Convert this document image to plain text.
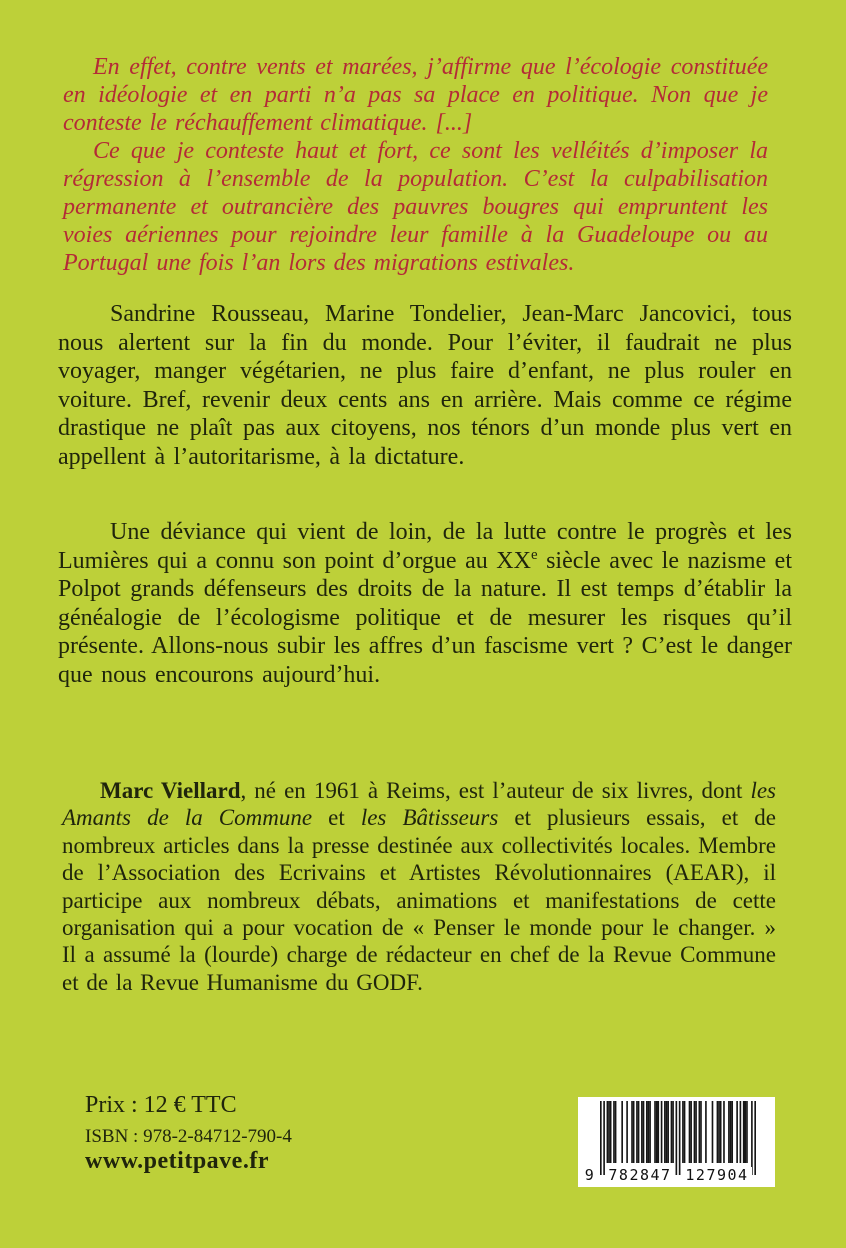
En effet, contre vents et marées, j’affirme que l’écologie constituée en idéologie et en parti n’a pas sa place en politique. Non que je conteste le réchauffement climatique. [...]

Ce que je conteste haut et fort, ce sont les velléités d’imposer la régression à l’ensemble de la population. C’est la culpabilisation permanente et outrancière des pauvres bougres qui empruntent les voies aériennes pour rejoindre leur famille à la Guadeloupe ou au Portugal une fois l’an lors des migrations estivales.

Sandrine Rousseau, Marine Tondelier, Jean-Marc Jancovici, tous nous alertent sur la fin du monde. Pour l’éviter, il faudrait ne plus voyager, manger végétarien, ne plus faire d’enfant, ne plus rouler en voiture. Bref, revenir deux cents ans en arrière. Mais comme ce régime drastique ne plaît pas aux citoyens, nos ténors d’un monde plus vert en appellent à l’autoritarisme, à la dictature.

Une déviance qui vient de loin, de la lutte contre le progrès et les Lumières qui a connu son point d’orgue au XXe siècle avec le nazisme et Polpot grands défenseurs des droits de la nature. Il est temps d’établir la généalogie de l’écologisme politique et de mesurer les risques qu’il présente. Allons-nous subir les affres d’un fascisme vert ? C’est le danger que nous encourons aujourd’hui.

Marc Viellard, né en 1961 à Reims, est l’auteur de six livres, dont les Amants de la Commune et les Bâtisseurs et plusieurs essais, et de nombreux articles dans la presse destinée aux collectivités locales. Membre de l’Association des Ecrivains et Artistes Révolutionnaires (AEAR), il participe aux nombreux débats, animations et manifestations de cette organisation qui a pour vocation de « Penser le monde pour le changer. » Il a assumé la (lourde) charge de rédacteur en chef de la Revue Commune et de la Revue Humanisme du GODF.

Prix : 12 € TTC
ISBN : 978-2-84712-790-4
www.petitpave.fr
9 782847 127904
